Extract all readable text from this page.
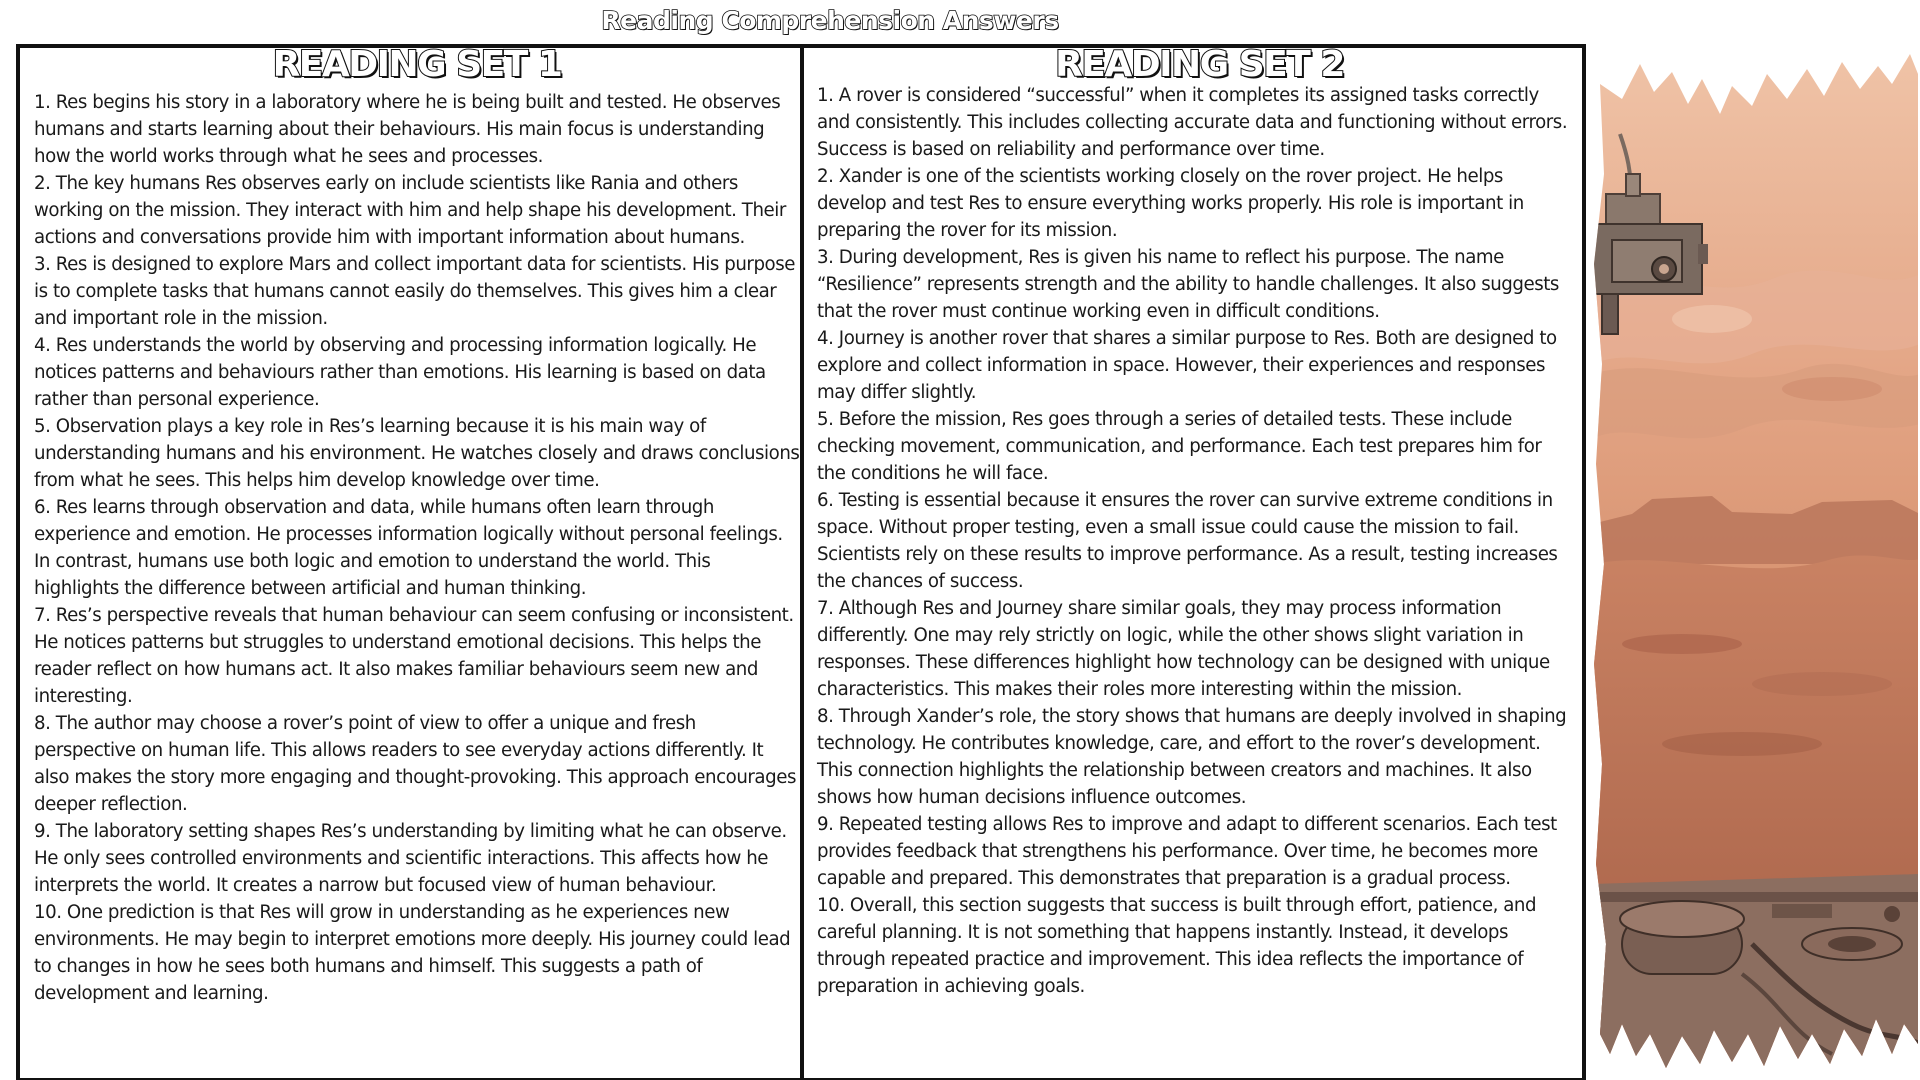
Reading Comprehension Answers
READING SET 1
1. Res begins his story in a laboratory where he is being built and tested. He observes humans and starts learning about their behaviours. His main focus is understanding how the world works through what he sees and processes.
2. The key humans Res observes early on include scientists like Rania and others working on the mission. They interact with him and help shape his development. Their actions and conversations provide him with important information about humans.
3. Res is designed to explore Mars and collect important data for scientists. His purpose is to complete tasks that humans cannot easily do themselves. This gives him a clear and important role in the mission.
4. Res understands the world by observing and processing information logically. He notices patterns and behaviours rather than emotions. His learning is based on data rather than personal experience.
5. Observation plays a key role in Res’s learning because it is his main way of understanding humans and his environment. He watches closely and draws conclusions from what he sees. This helps him develop knowledge over time.
6. Res learns through observation and data, while humans often learn through experience and emotion. He processes information logically without personal feelings. In contrast, humans use both logic and emotion to understand the world. This highlights the difference between artificial and human thinking.
7. Res’s perspective reveals that human behaviour can seem confusing or inconsistent. He notices patterns but struggles to understand emotional decisions. This helps the reader reflect on how humans act. It also makes familiar behaviours seem new and interesting.
8. The author may choose a rover’s point of view to offer a unique and fresh perspective on human life. This allows readers to see everyday actions differently. It also makes the story more engaging and thought-provoking. This approach encourages deeper reflection.
9. The laboratory setting shapes Res’s understanding by limiting what he can observe. He only sees controlled environments and scientific interactions. This affects how he interprets the world. It creates a narrow but focused view of human behaviour.
10. One prediction is that Res will grow in understanding as he experiences new environments. He may begin to interpret emotions more deeply. His journey could lead to changes in how he sees both humans and himself. This suggests a path of development and learning.
READING SET 2
1. A rover is considered “successful” when it completes its assigned tasks correctly and consistently. This includes collecting accurate data and functioning without errors. Success is based on reliability and performance over time.
2. Xander is one of the scientists working closely on the rover project. He helps develop and test Res to ensure everything works properly. His role is important in preparing the rover for its mission.
3. During development, Res is given his name to reflect his purpose. The name “Resilience” represents strength and the ability to handle challenges. It also suggests that the rover must continue working even in difficult conditions.
4. Journey is another rover that shares a similar purpose to Res. Both are designed to explore and collect information in space. However, their experiences and responses may differ slightly.
5. Before the mission, Res goes through a series of detailed tests. These include checking movement, communication, and performance. Each test prepares him for the conditions he will face.
6. Testing is essential because it ensures the rover can survive extreme conditions in space. Without proper testing, even a small issue could cause the mission to fail. Scientists rely on these results to improve performance. As a result, testing increases the chances of success.
7. Although Res and Journey share similar goals, they may process information differently. One may rely strictly on logic, while the other shows slight variation in responses. These differences highlight how technology can be designed with unique characteristics. This makes their roles more interesting within the mission.
8. Through Xander’s role, the story shows that humans are deeply involved in shaping technology. He contributes knowledge, care, and effort to the rover’s development. This connection highlights the relationship between creators and machines. It also shows how human decisions influence outcomes.
9. Repeated testing allows Res to improve and adapt to different scenarios. Each test provides feedback that strengthens his performance. Over time, he becomes more capable and prepared. This demonstrates that preparation is a gradual process.
10. Overall, this section suggests that success is built through effort, patience, and careful planning. It is not something that happens instantly. Instead, it develops through repeated practice and improvement. This idea reflects the importance of preparation in achieving goals.
